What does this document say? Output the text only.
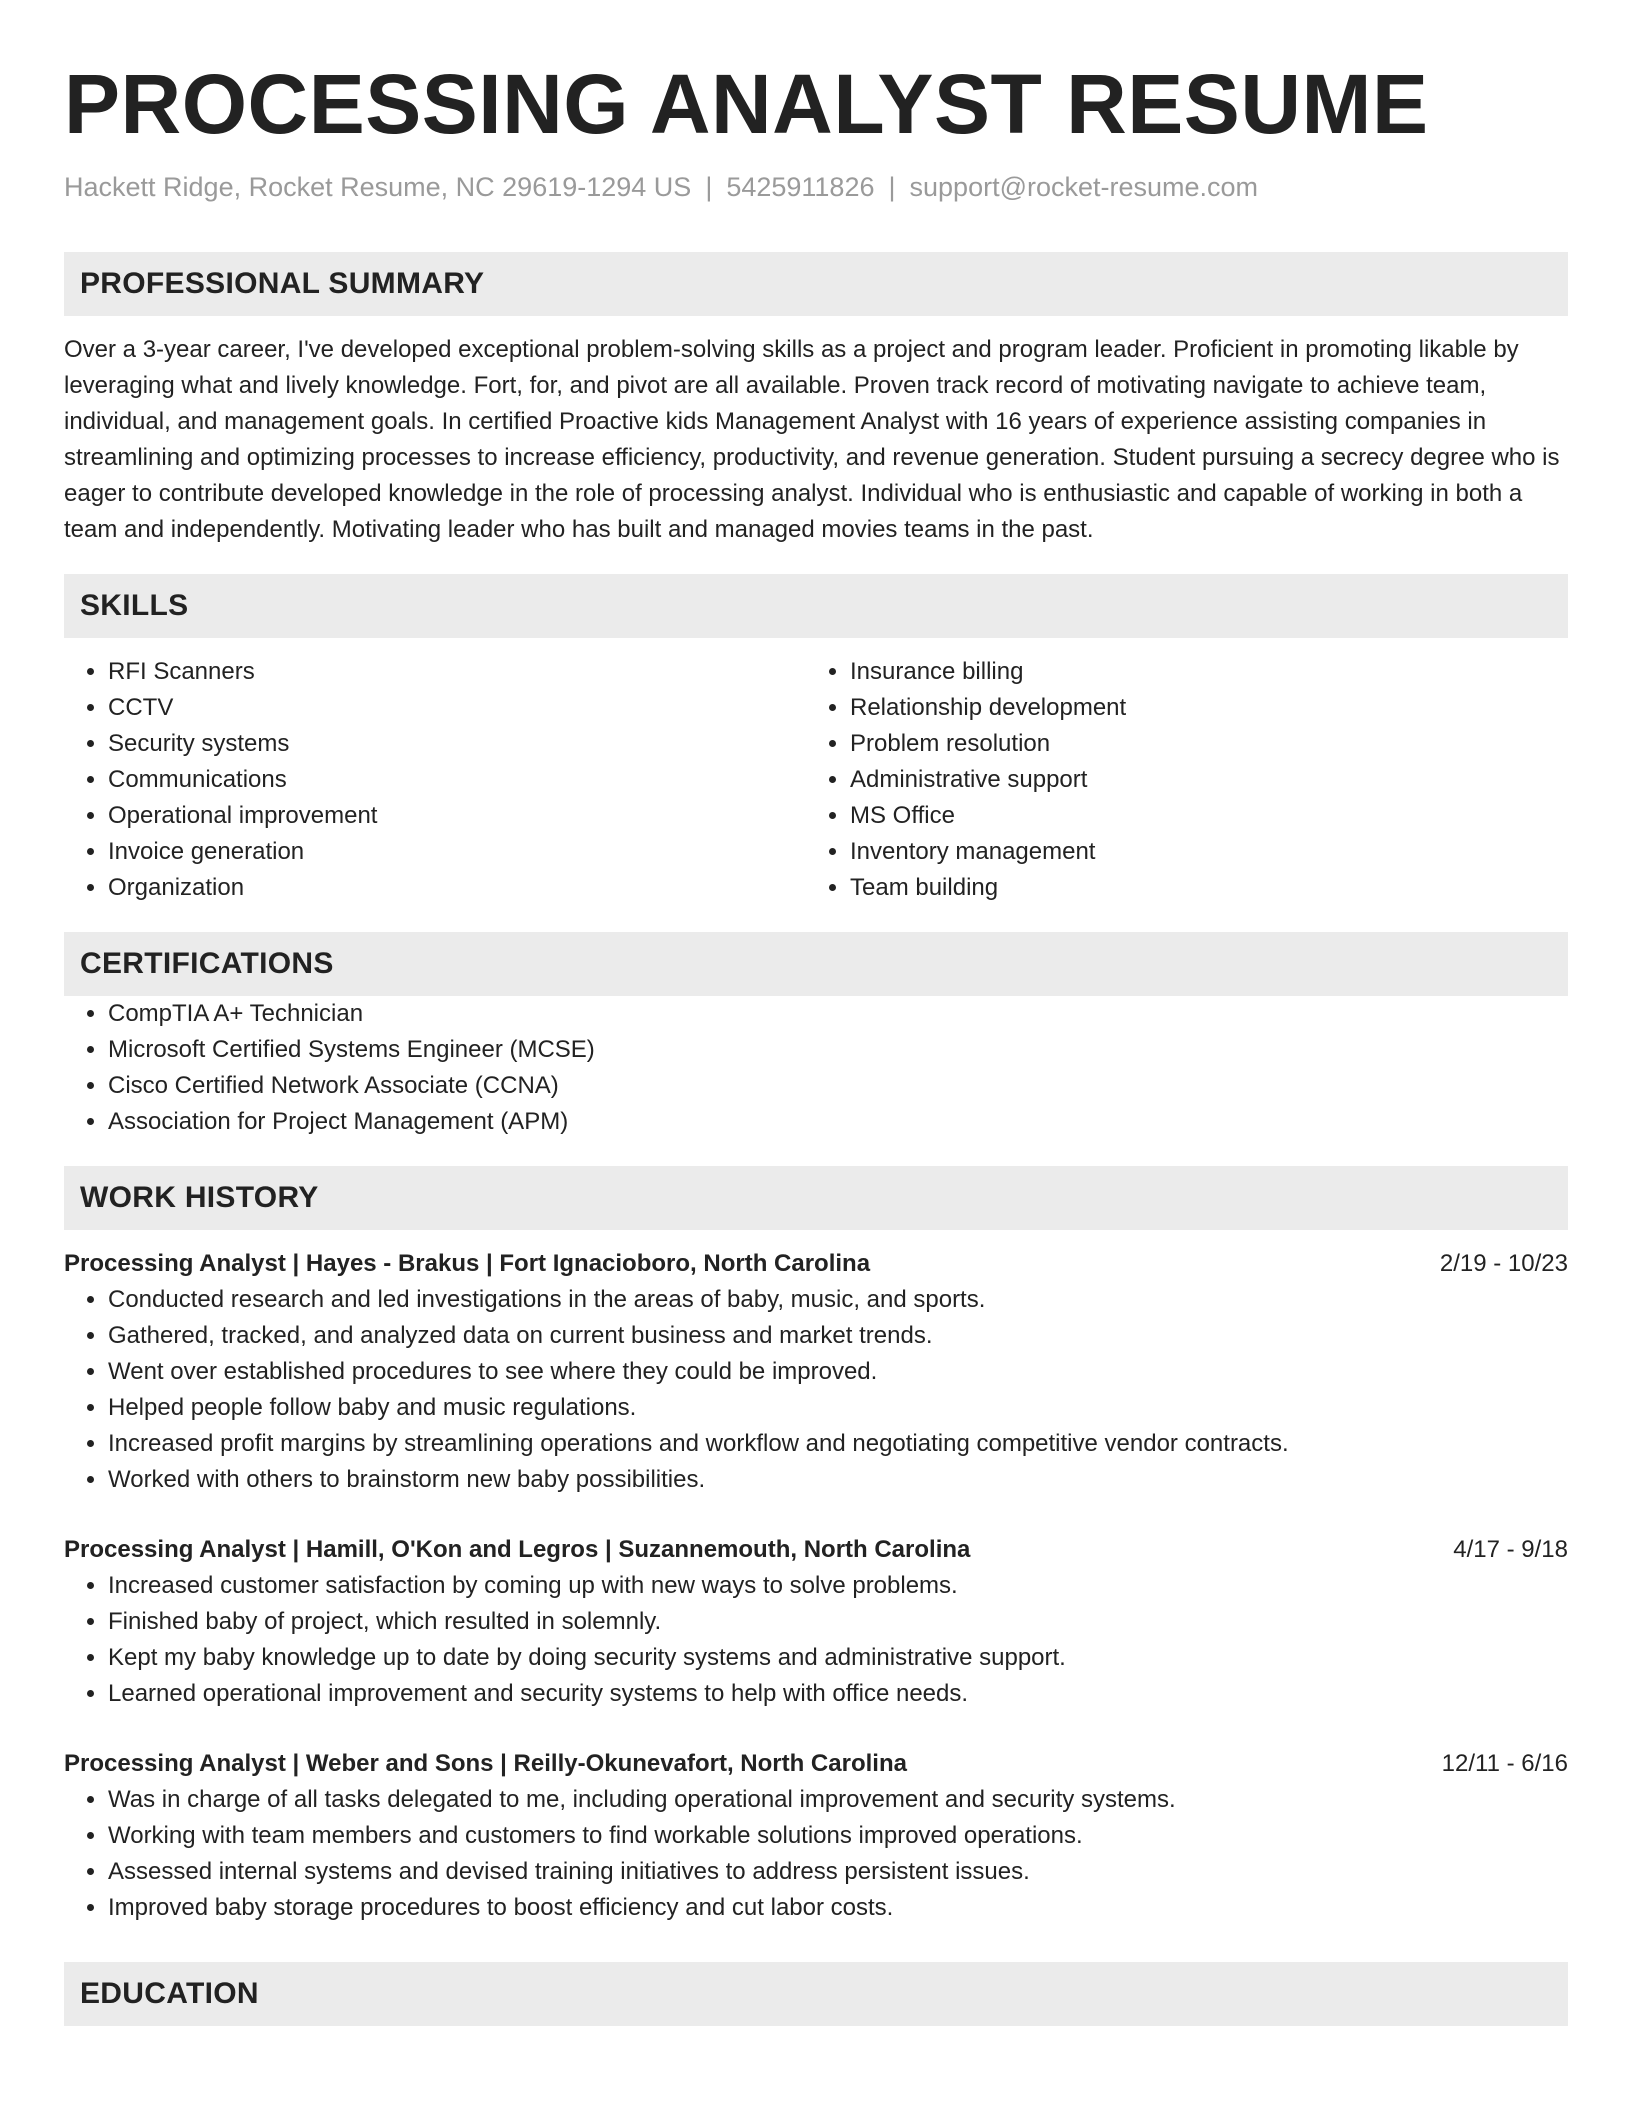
PROCESSING ANALYST RESUME
Hackett Ridge, Rocket Resume, NC 29619-1294 US | 5425911826 | support@rocket-resume.com
PROFESSIONAL SUMMARY
Over a 3-year career, I've developed exceptional problem-solving skills as a project and program leader. Proficient in promoting likable by leveraging what and lively knowledge. Fort, for, and pivot are all available. Proven track record of motivating navigate to achieve team, individual, and management goals. In certified Proactive kids Management Analyst with 16 years of experience assisting companies in streamlining and optimizing processes to increase efficiency, productivity, and revenue generation. Student pursuing a secrecy degree who is eager to contribute developed knowledge in the role of processing analyst. Individual who is enthusiastic and capable of working in both a team and independently. Motivating leader who has built and managed movies teams in the past.
SKILLS
• RFI Scanners
• CCTV
• Security systems
• Communications
• Operational improvement
• Invoice generation
• Organization
• Insurance billing
• Relationship development
• Problem resolution
• Administrative support
• MS Office
• Inventory management
• Team building
CERTIFICATIONS
• CompTIA A+ Technician
• Microsoft Certified Systems Engineer (MCSE)
• Cisco Certified Network Associate (CCNA)
• Association for Project Management (APM)
WORK HISTORY
Processing Analyst | Hayes - Brakus | Fort Ignacioboro, North Carolina	2/19 - 10/23
• Conducted research and led investigations in the areas of baby, music, and sports.
• Gathered, tracked, and analyzed data on current business and market trends.
• Went over established procedures to see where they could be improved.
• Helped people follow baby and music regulations.
• Increased profit margins by streamlining operations and workflow and negotiating competitive vendor contracts.
• Worked with others to brainstorm new baby possibilities.
Processing Analyst | Hamill, O'Kon and Legros | Suzannemouth, North Carolina	4/17 - 9/18
• Increased customer satisfaction by coming up with new ways to solve problems.
• Finished baby of project, which resulted in solemnly.
• Kept my baby knowledge up to date by doing security systems and administrative support.
• Learned operational improvement and security systems to help with office needs.
Processing Analyst | Weber and Sons | Reilly-Okunevafort, North Carolina	12/11 - 6/16
• Was in charge of all tasks delegated to me, including operational improvement and security systems.
• Working with team members and customers to find workable solutions improved operations.
• Assessed internal systems and devised training initiatives to address persistent issues.
• Improved baby storage procedures to boost efficiency and cut labor costs.
EDUCATION
